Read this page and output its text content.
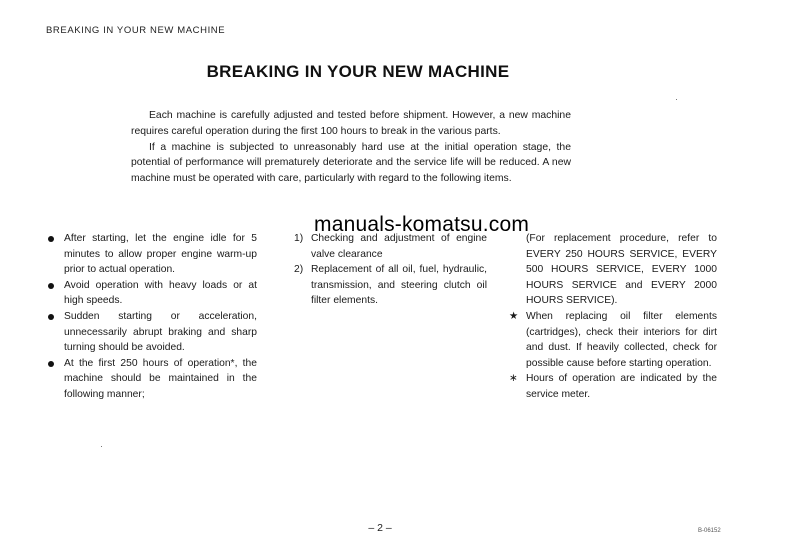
BREAKING IN YOUR NEW MACHINE
BREAKING IN YOUR NEW MACHINE

Each machine is carefully adjusted and tested before shipment. However, a new machine requires careful operation during the first 100 hours to break in the various parts.

If a machine is subjected to unreasonably hard use at the initial operation stage, the potential of performance will prematurely deteriorate and the service life will be reduced. A new machine must be operated with care, particularly with regard to the following items.

manuals-komatsu.com

After starting, let the engine idle for 5 minutes to allow proper engine warm-up prior to actual operation.

Avoid operation with heavy loads or at high speeds.

Sudden starting or acceleration, unnecessarily abrupt braking and sharp turning should be avoided.

At the first 250 hours of operation*, the machine should be maintained in the following manner;

1) Checking and adjustment of engine valve clearance

2) Replacement of all oil, fuel, hydraulic, transmission, and steering clutch oil filter elements.

(For replacement procedure, refer to EVERY 250 HOURS SERVICE, EVERY 500 HOURS SERVICE, EVERY 1000 HOURS SERVICE and EVERY 2000 HOURS SERVICE).

★ When replacing oil filter elements (cartridges), check their interiors for dirt and dust. If heavily collected, check for possible cause before starting operation.

∗ Hours of operation are indicated by the service meter.

– 2 –	B-06152
